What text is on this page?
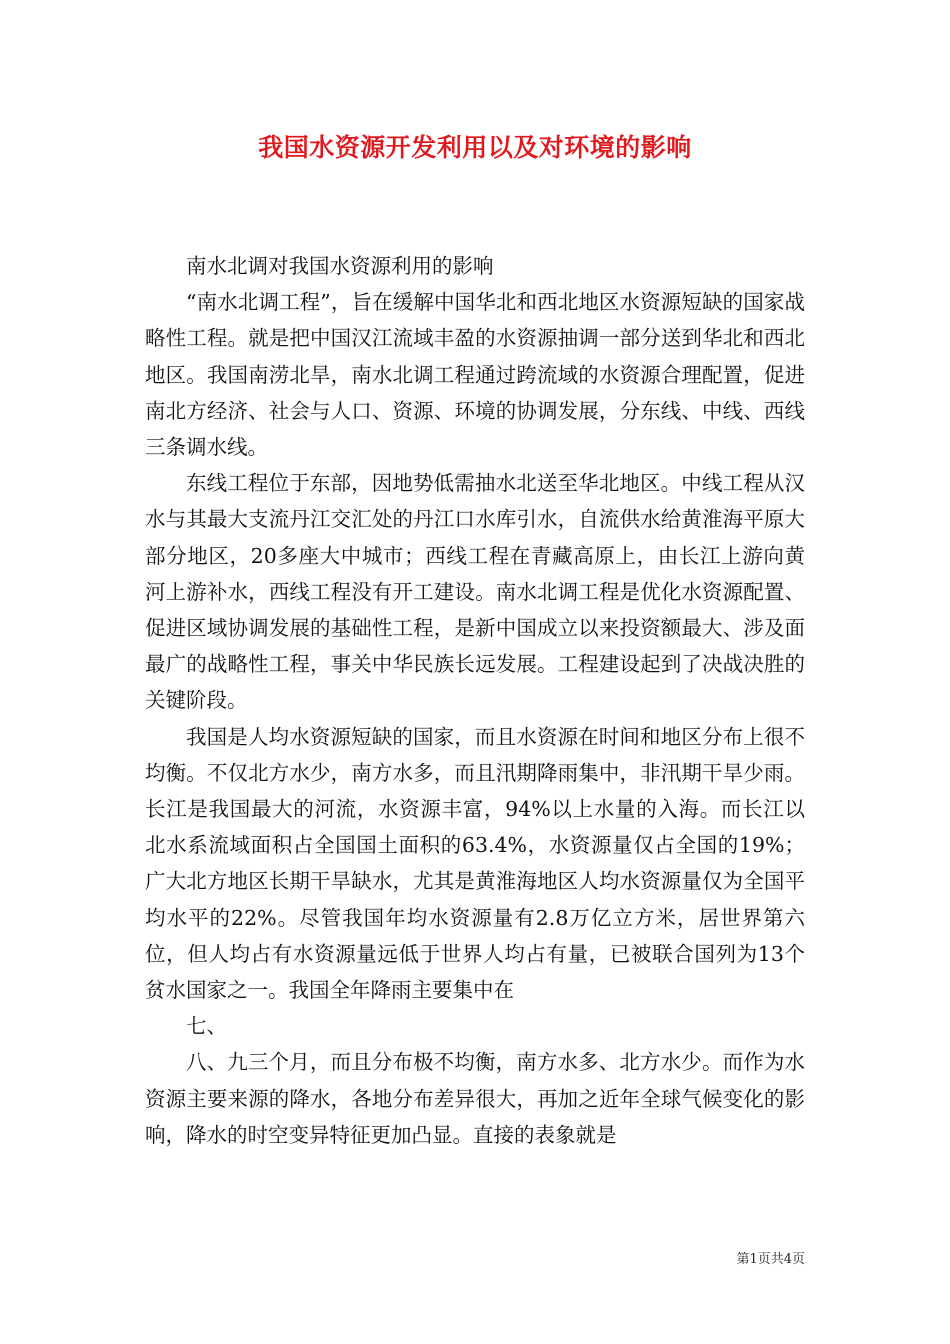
我国水资源开发利用以及对环境的影响

南水北调对我国水资源利用的影响

“南水北调工程”，旨在缓解中国华北和西北地区水资源短缺的国家战略性工程。就是把中国汉江流域丰盈的水资源抽调一部分送到华北和西北地区。我国南涝北旱，南水北调工程通过跨流域的水资源合理配置，促进南北方经济、社会与人口、资源、环境的协调发展，分东线、中线、西线三条调水线。

东线工程位于东部，因地势低需抽水北送至华北地区。中线工程从汉水与其最大支流丹江交汇处的丹江口水库引水，自流供水给黄淮海平原大部分地区，20多座大中城市；西线工程在青藏高原上，由长江上游向黄河上游补水，西线工程没有开工建设。南水北调工程是优化水资源配置、促进区域协调发展的基础性工程，是新中国成立以来投资额最大、涉及面最广的战略性工程，事关中华民族长远发展。工程建设起到了决战决胜的关键阶段。

我国是人均水资源短缺的国家，而且水资源在时间和地区分布上很不均衡。不仅北方水少，南方水多，而且汛期降雨集中，非汛期干旱少雨。长江是我国最大的河流，水资源丰富，94%以上水量的入海。而长江以北水系流域面积占全国国土面积的63.4%，水资源量仅占全国的19%；广大北方地区长期干旱缺水，尤其是黄淮海地区人均水资源量仅为全国平均水平的22%。尽管我国年均水资源量有2.8万亿立方米，居世界第六位，但人均占有水资源量远低于世界人均占有量，已被联合国列为13个贫水国家之一。我国全年降雨主要集中在

七、

八、九三个月，而且分布极不均衡，南方水多、北方水少。而作为水资源主要来源的降水，各地分布差异很大，再加之近年全球气候变化的影响，降水的时空变异特征更加凸显。直接的表象就是

第1页共4页
